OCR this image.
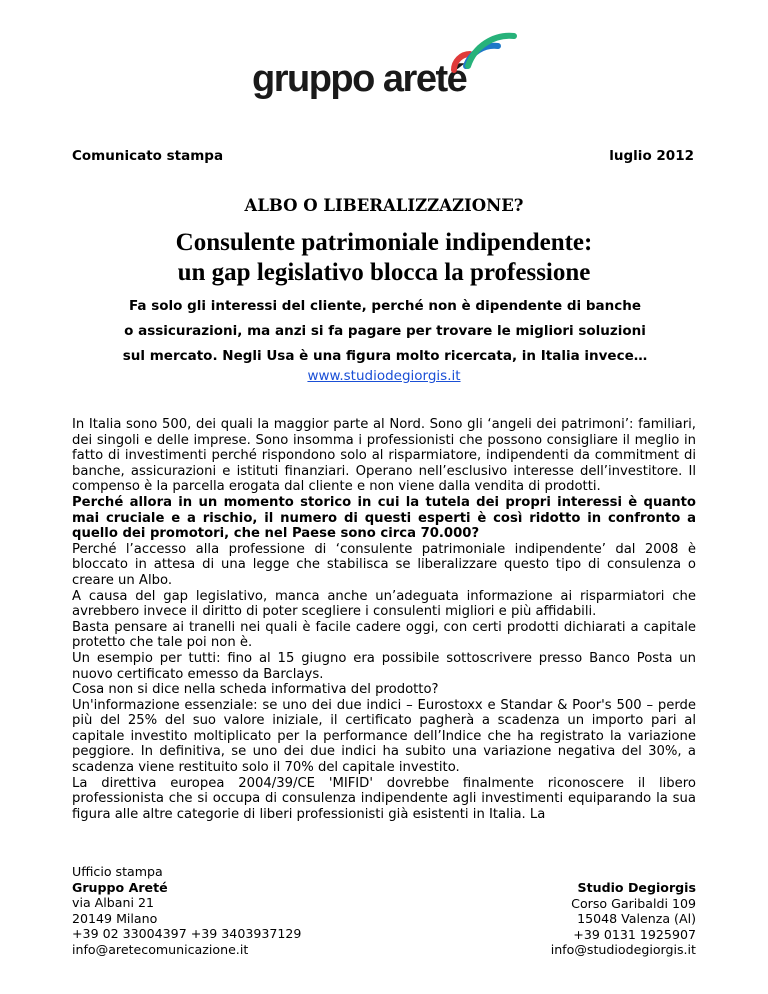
gruppo areté
Comunicato stampa	luglio 2012
ALBO O LIBERALIZZAZIONE?
Consulente patrimoniale indipendente:
un gap legislativo blocca la professione
Fa solo gli interessi del cliente, perché non è dipendente di banche
o assicurazioni, ma anzi si fa pagare per trovare le migliori soluzioni
sul mercato. Negli Usa è una figura molto ricercata, in Italia invece…
www.studiodegiorgis.it

In Italia sono 500, dei quali la maggior parte al Nord. Sono gli ‘angeli dei patrimoni’: familiari, dei singoli e delle imprese. Sono insomma i professionisti che possono consigliare il meglio in fatto di investimenti perché rispondono solo al risparmiatore, indipendenti da commitment di banche, assicurazioni e istituti finanziari. Operano nell’esclusivo interesse dell’investitore. Il compenso è la parcella erogata dal cliente e non viene dalla vendita di prodotti.

Perché allora in un momento storico in cui la tutela dei propri interessi è quanto mai cruciale e a rischio, il numero di questi esperti è così ridotto in confronto a quello dei promotori, che nel Paese sono circa 70.000?

Perché l’accesso alla professione di ‘consulente patrimoniale indipendente’ dal 2008 è bloccato in attesa di una legge che stabilisca se liberalizzare questo tipo di consulenza o creare un Albo.

A causa del gap legislativo, manca anche un’adeguata informazione ai risparmiatori che avrebbero invece il diritto di poter scegliere i consulenti migliori e più affidabili.

Basta pensare ai tranelli nei quali è facile cadere oggi, con certi prodotti dichiarati a capitale protetto che tale poi non è.

Un esempio per tutti: fino al 15 giugno era possibile sottoscrivere presso Banco Posta un nuovo certificato emesso da Barclays.

Cosa non si dice nella scheda informativa del prodotto?

Un'informazione essenziale: se uno dei due indici – Eurostoxx e Standar & Poor's 500 – perde più del 25% del suo valore iniziale, il certificato pagherà a scadenza un importo pari al capitale investito moltiplicato per la performance dell’Indice che ha registrato la variazione peggiore. In definitiva, se uno dei due indici ha subito una variazione negativa del 30%, a scadenza viene restituito solo il 70% del capitale investito.

La direttiva europea 2004/39/CE 'MIFID' dovrebbe finalmente riconoscere il libero professionista che si occupa di consulenza indipendente agli investimenti equiparando la sua figura alle altre categorie di liberi professionisti già esistenti in Italia. La

Ufficio stampa
Gruppo Areté
via Albani 21
20149 Milano
+39 02 33004397 +39 3403937129
info@aretecomunicazione.it
Studio Degiorgis
Corso Garibaldi 109
15048 Valenza (Al)
+39 0131 1925907
info@studiodegiorgis.it
